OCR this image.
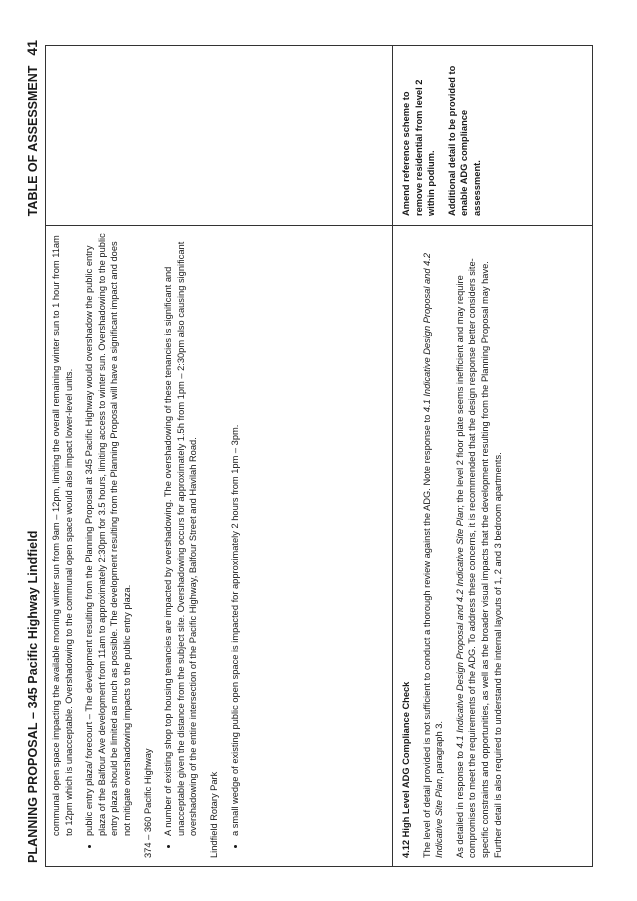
PLANNING PROPOSAL – 345 Pacific Highway Lindfield
TABLE OF ASSESSMENT41
communal open space impacting the available morning winter sun from 9am – 12pm, limiting the overall remaining winter sun to 1 hour from 11am to 12pm which is unacceptable. Overshadowing to the communal open space would also impact lower-level units. • public entry plaza/ forecourt – The development resulting from the Planning Proposal at 345 Pacific Highway would overshadow the public entry plaza of the Balfour Ave development from 11am to approximately 2:30pm for 3.5 hours, limiting access to winter sun. Overshadowing to the public entry plaza should be limited as much as possible. The development resulting from the Planning Proposal will have a significant impact and does not mitigate overshadowing impacts to the public entry plaza. 374 – 360 Pacific Highway • A number of existing shop top housing tenancies are impacted by overshadowing. The overshadowing of these tenancies is significant and unacceptable given the distance from the subject site. Overshadowing occurs for approximately 1.5h from 1pm – 2:30pm also causing significant overshadowing of the entire intersection of the Pacific Highway, Balfour Street and Havilah Road. Lindfield Rotary Park • a small wedge of existing public open space is impacted for approximately 2 hours from 1pm – 3pm.	4.12 High Level ADG Compliance Check The level of detail provided is not sufficient to conduct a thorough review against the ADG. Note response to 4.1 Indicative Design Proposal and 4.2 Indicative Site Plan, paragraph 3. As detailed in response to 4.1 Indicative Design Proposal and 4.2 Indicative Site Plan; the level 2 floor plate seems inefficient and may require compromises to meet the requirements of the ADG. To address these concerns, it is recommended that the design response better considers site-specific constraints and opportunities, as well as the broader visual impacts that the development resulting from the Planning Proposal may have. Further detail is also required to understand the internal layouts of 1, 2 and 3 bedroom apartments.

Amend reference scheme to remove residential from level 2 within podium. Additional detail to be provided to enable ADG compliance assessment.
